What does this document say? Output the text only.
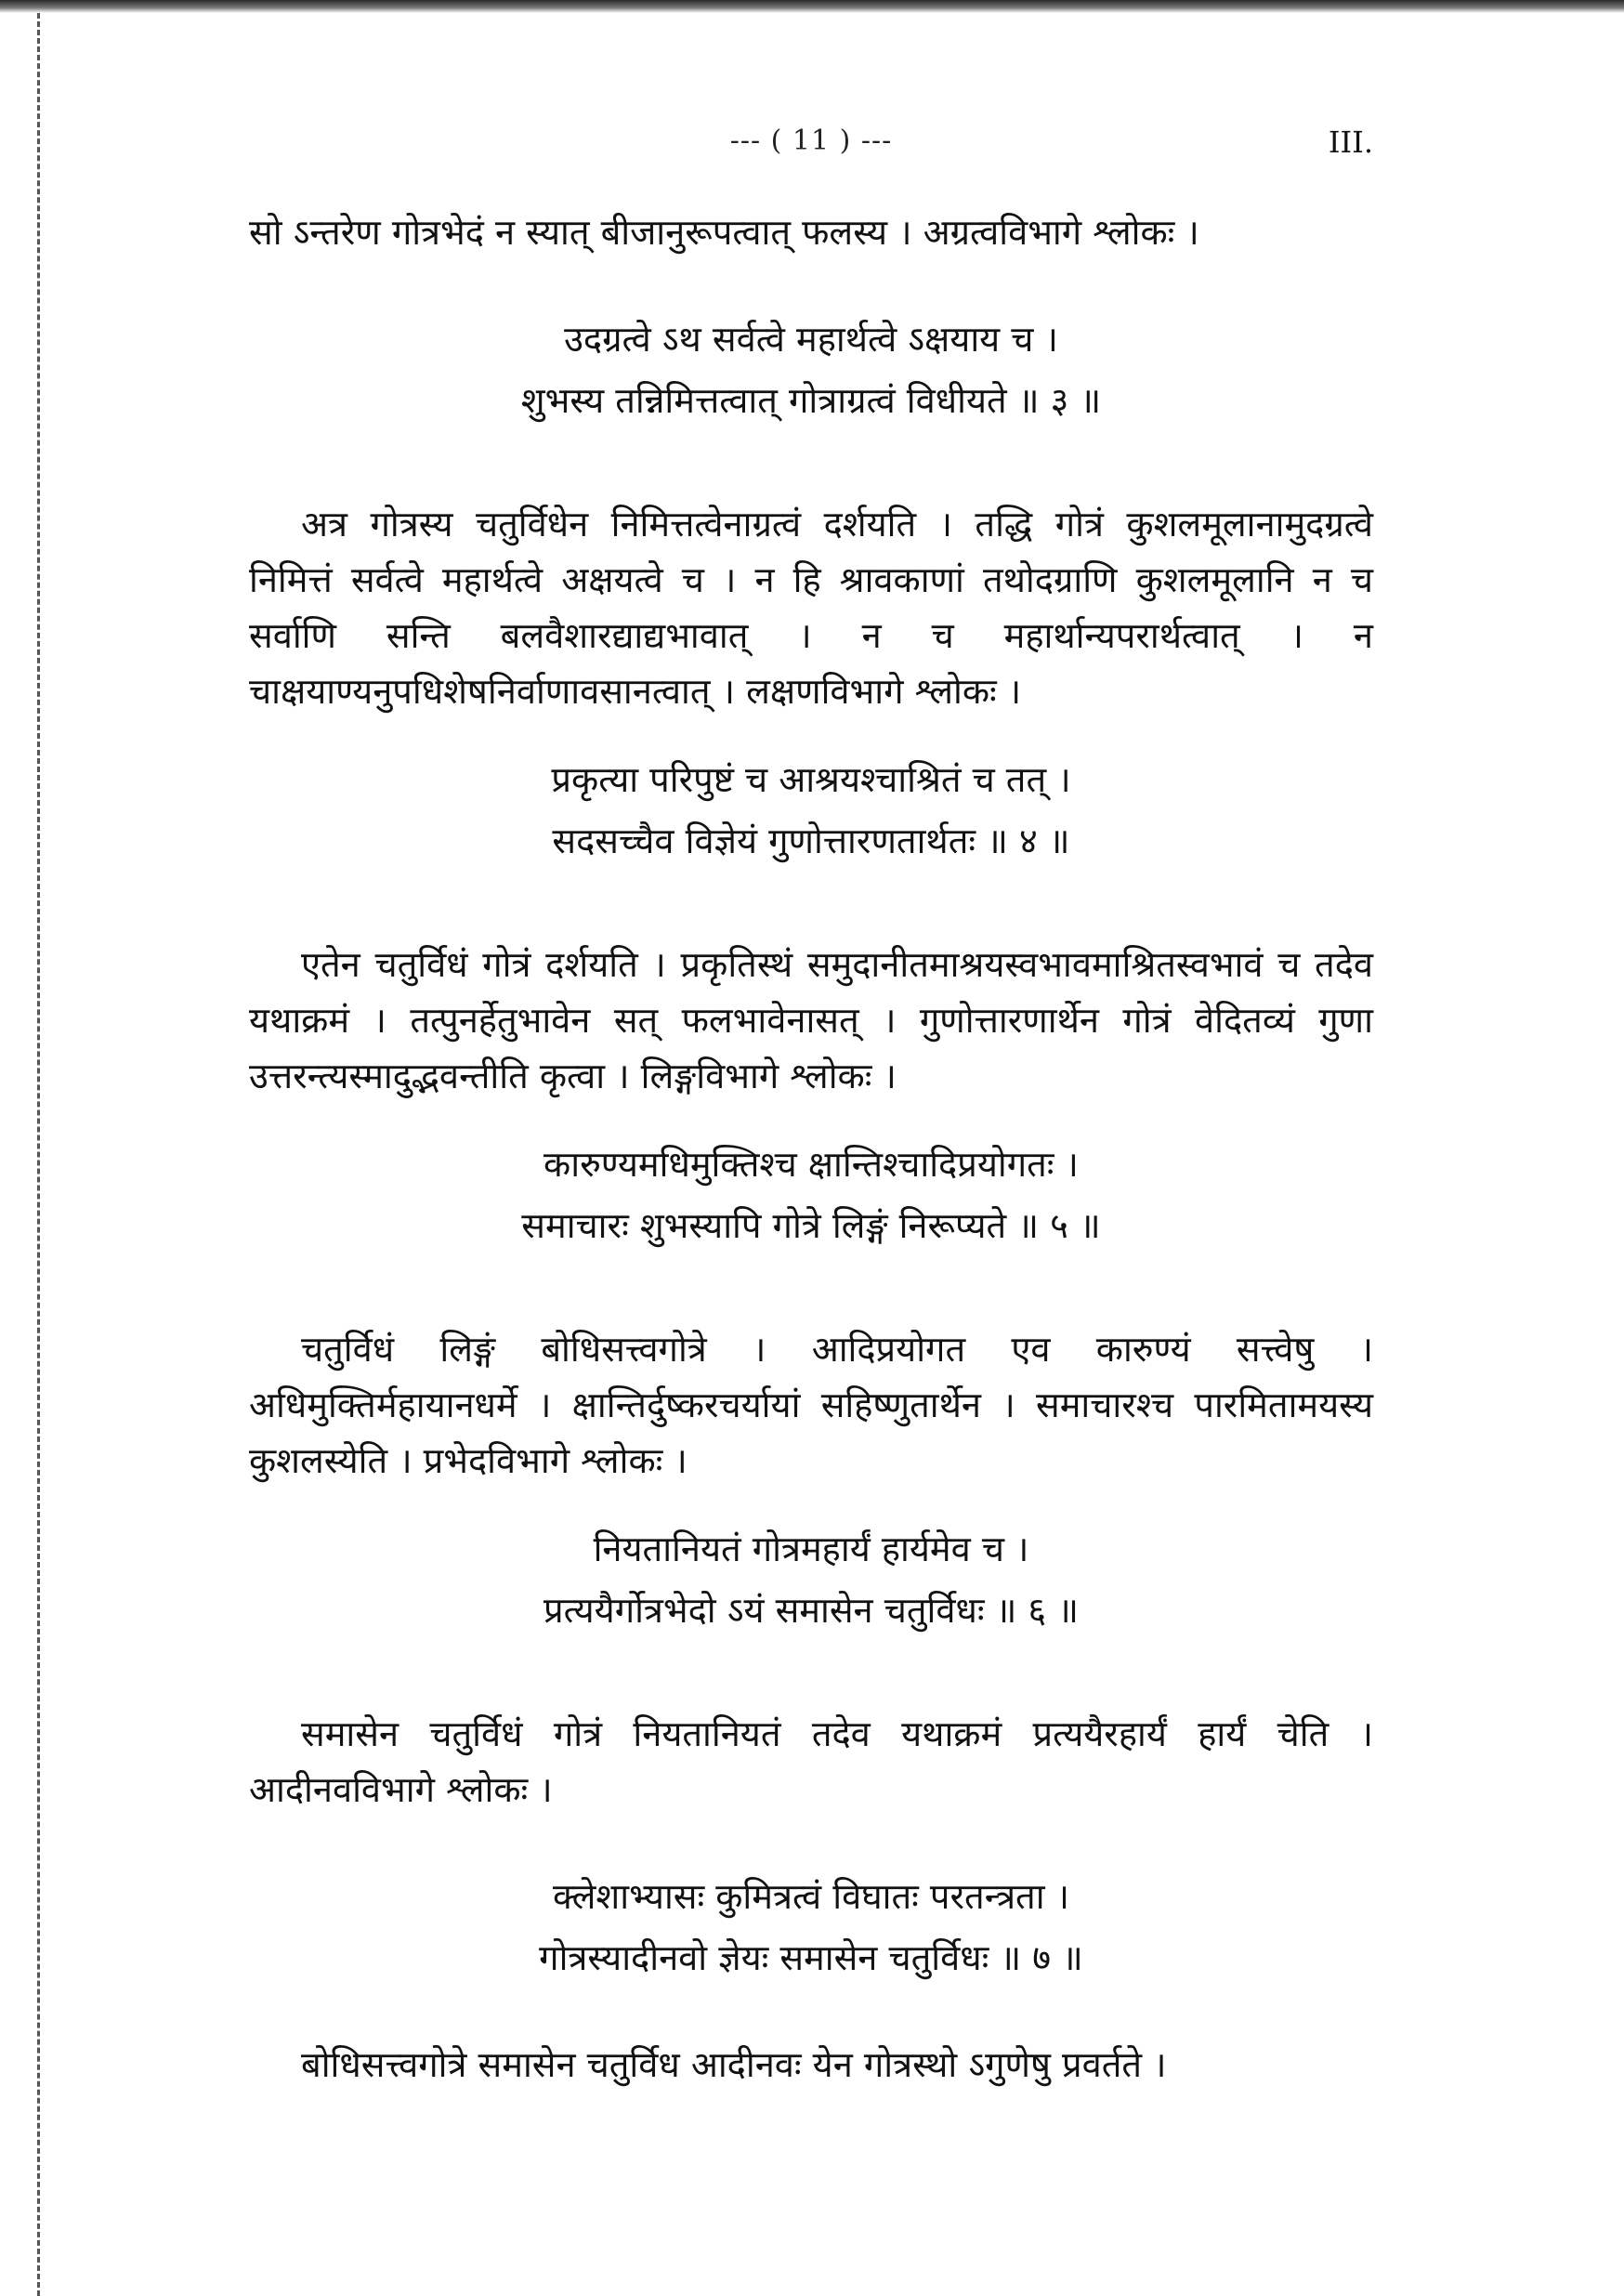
--- ( 11 ) ---	III.

सो ऽन्तरेण गोत्रभेदं न स्यात् बीजानुरूपत्वात् फलस्य । अग्रत्वविभागे श्लोकः ।

उदग्रत्वे ऽथ सर्वत्वे महार्थत्वे ऽक्षयाय च ।
शुभस्य तन्निमित्तत्वात् गोत्राग्रत्वं विधीयते ॥ ३ ॥

अत्र गोत्रस्य चतुर्विधेन निमित्तत्वेनाग्रत्वं दर्शयति । तद्धि गोत्रं कुशलमूलानामुदग्रत्वे निमित्तं सर्वत्वे महार्थत्वे अक्षयत्वे च । न हि श्रावकाणां तथोदग्राणि कुशलमूलानि न च सर्वाणि सन्ति बलवैशारद्याद्यभावात् । न च महार्थान्यपरार्थत्वात् । न चाक्षयाण्यनुपधिशेषनिर्वाणावसानत्वात् । लक्षणविभागे श्लोकः ।

प्रकृत्या परिपुष्टं च आश्रयश्चाश्रितं च तत् ।
सदसच्चैव विज्ञेयं गुणोत्तारणतार्थतः ॥ ४ ॥

एतेन चतुर्विधं गोत्रं दर्शयति । प्रकृतिस्थं समुदानीतमाश्रयस्वभावमाश्रितस्वभावं च तदेव यथाक्रमं । तत्पुनर्हेतुभावेन सत् फलभावेनासत् । गुणोत्तारणार्थेन गोत्रं वेदितव्यं गुणा उत्तरन्त्यस्मादुद्भवन्तीति कृत्वा । लिङ्गविभागे श्लोकः ।

कारुण्यमधिमुक्तिश्च क्षान्तिश्चादिप्रयोगतः ।
समाचारः शुभस्यापि गोत्रे लिङ्गं निरूप्यते ॥ ५ ॥

चतुर्विधं लिङ्गं बोधिसत्त्वगोत्रे । आदिप्रयोगत एव कारुण्यं सत्त्वेषु । अधिमुक्तिर्महायानधर्मे । क्षान्तिर्दुष्करचर्यायां सहिष्णुतार्थेन । समाचारश्च पारमितामयस्य कुशलस्येति । प्रभेदविभागे श्लोकः ।

नियतानियतं गोत्रमहार्यं हार्यमेव च ।
प्रत्ययैर्गोत्रभेदो ऽयं समासेन चतुर्विधः ॥ ६ ॥

समासेन चतुर्विधं गोत्रं नियतानियतं तदेव यथाक्रमं प्रत्ययैरहार्यं हार्यं चेति । आदीनवविभागे श्लोकः ।

क्लेशाभ्यासः कुमित्रत्वं विघातः परतन्त्रता ।
गोत्रस्यादीनवो ज्ञेयः समासेन चतुर्विधः ॥ ७ ॥

बोधिसत्त्वगोत्रे समासेन चतुर्विध आदीनवः येन गोत्रस्थो ऽगुणेषु प्रवर्तते ।
